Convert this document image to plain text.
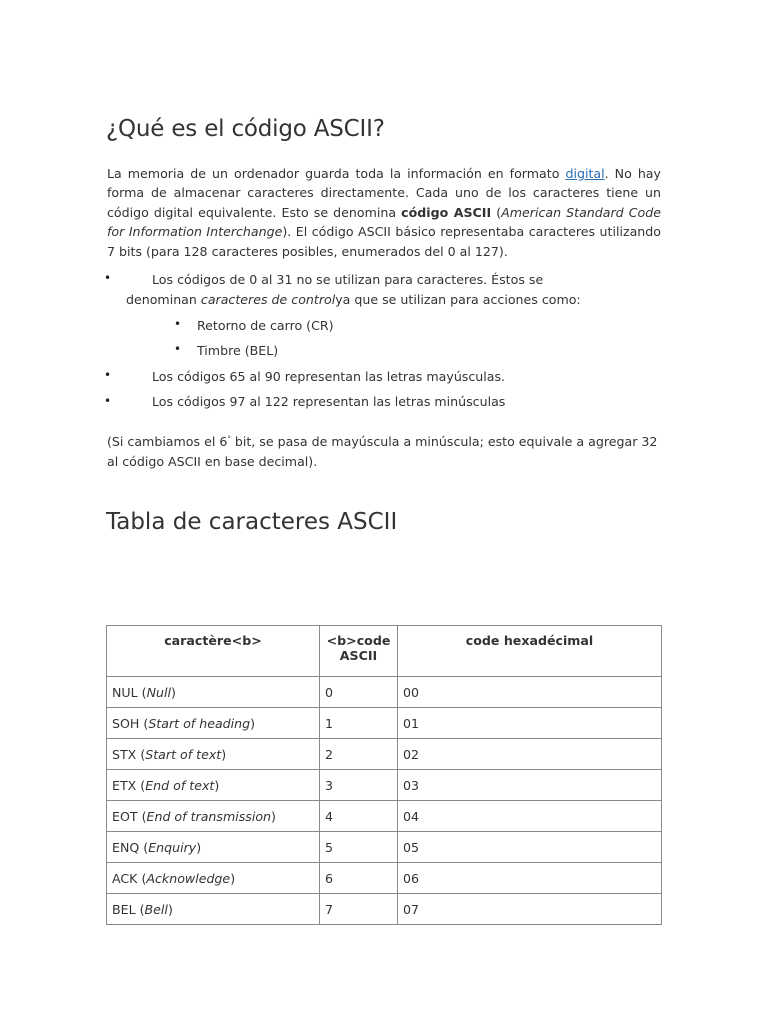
¿Qué es el código ASCII?

La memoria de un ordenador guarda toda la información en formato digital. No hay forma de almacenar caracteres directamente. Cada uno de los caracteres tiene un código digital equivalente. Esto se denomina código ASCII (American Standard Code for Information Interchange). El código ASCII básico representaba caracteres utilizando 7 bits (para 128 caracteres posibles, enumerados del 0 al 127).

•	Los códigos de 0 al 31 no se utilizan para caracteres. Éstos se
denominan caracteres de controlya que se utilizan para acciones como:
• Retorno de carro (CR)
• Timbre (BEL)
•	Los códigos 65 al 90 representan las letras mayúsculas.
•	Los códigos 97 al 122 representan las letras minúsculas

(Si cambiamos el 6° bit, se pasa de mayúscula a minúscula; esto equivale a agregar 32 al código ASCII en base decimal).

Tabla de caracteres ASCII
caractère<b>	<b>code ASCII	code hexadécimal
NUL (Null)	0	00
SOH (Start of heading)	1	01
STX (Start of text)	2	02
ETX (End of text)	3	03
EOT (End of transmission)	4	04
ENQ (Enquiry)	5	05
ACK (Acknowledge)	6	06
BEL (Bell)	7	07
